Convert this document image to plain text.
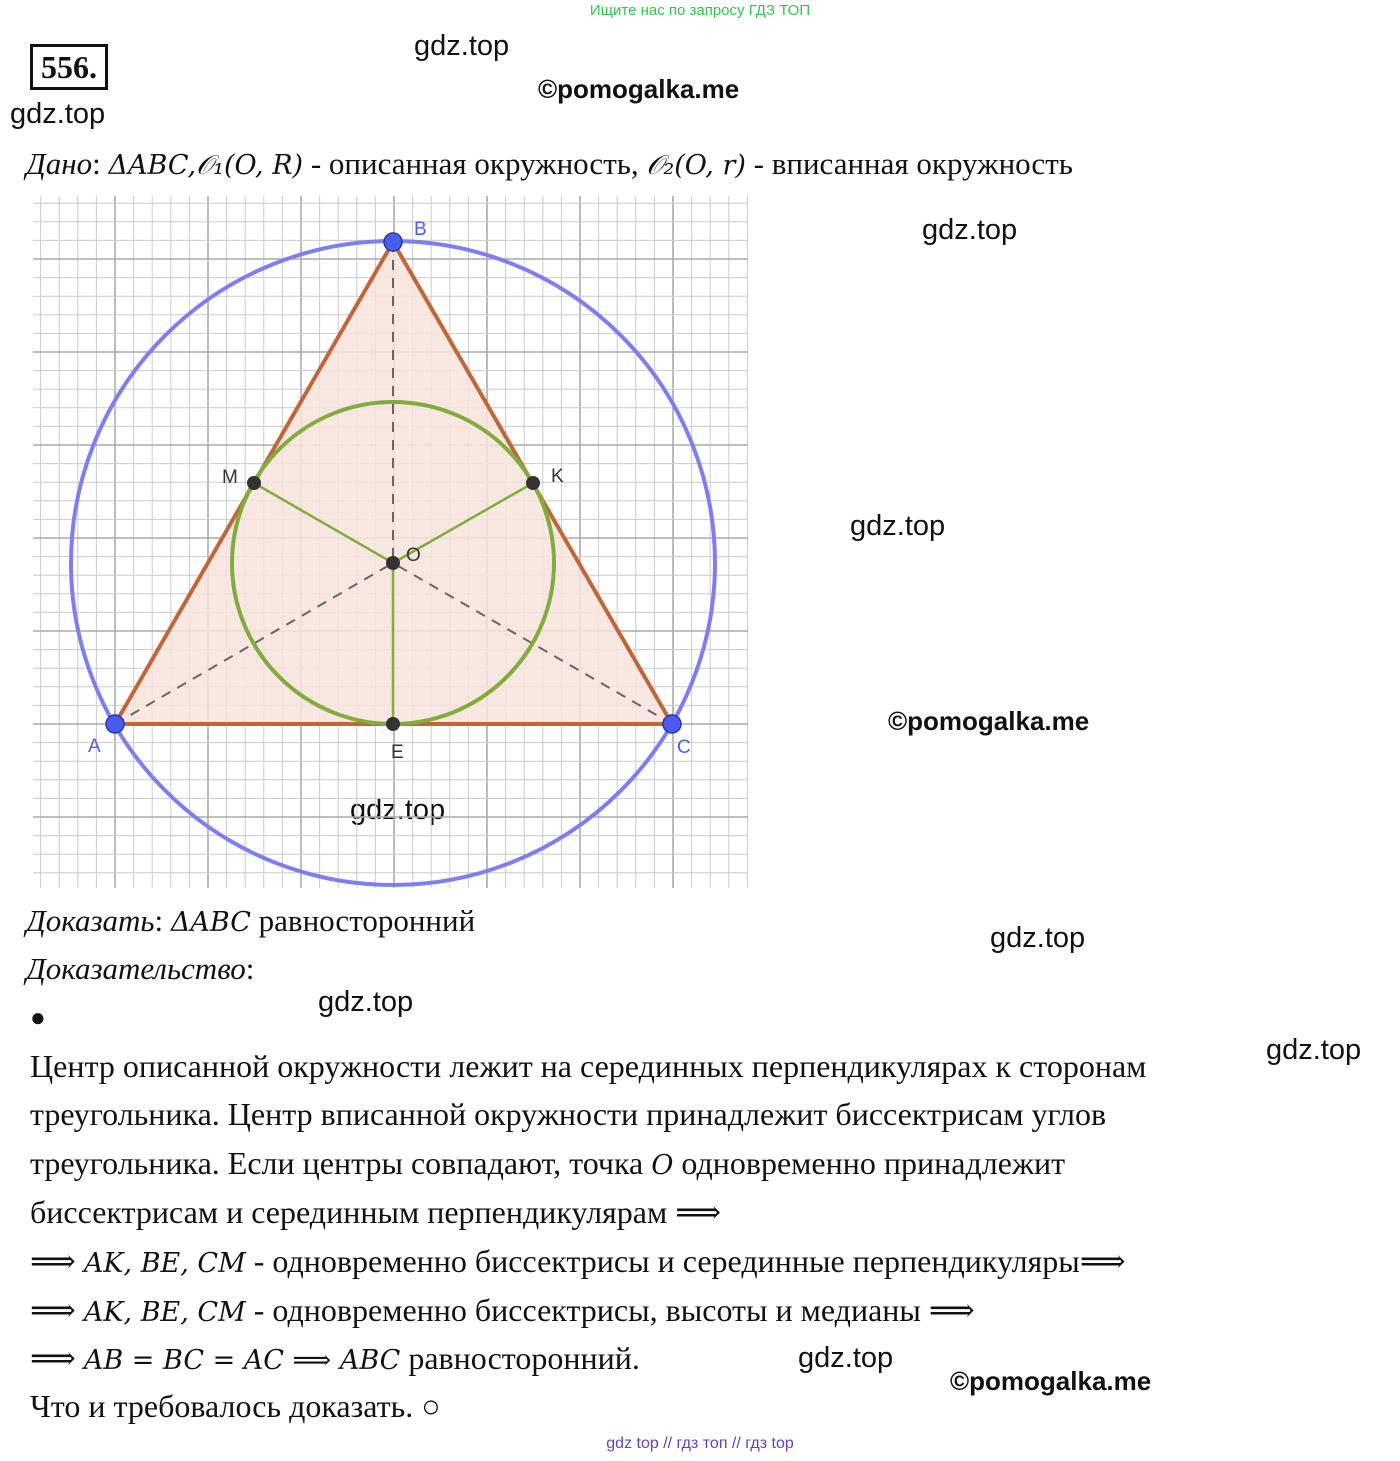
Ищите нас по запросу ГДЗ ТОП
556.
gdz.top
©pomogalka.me
gdz.top
gdz.top
gdz.top
©pomogalka.me
gdz.top
gdz.top
gdz.top
gdz.top
gdz.top
©pomogalka.me
Дано: ΔABC,𝒪₁(O, R) - описанная окружность, 𝒪₂(O, r) - вписанная окружность
A
B
C
M	K
O
E
Доказать: ΔABC равносторонний
Доказательство:
●
Центр описанной окружности лежит на серединных перпендикулярах к сторонам
треугольника. Центр вписанной окружности принадлежит биссектрисам углов
треугольника. Если центры совпадают, точка O одновременно принадлежит
биссектрисам и серединным перпендикулярам ⟹
⟹ AK, BE, CM - одновременно биссектрисы и серединные перпендикуляры⟹
⟹ AK, BE, CM - одновременно биссектрисы, высоты и медианы ⟹
⟹ AB = BC = AC ⟹ ABC равносторонний.
Что и требовалось доказать. ○
gdz top // гдз топ // гдз top
